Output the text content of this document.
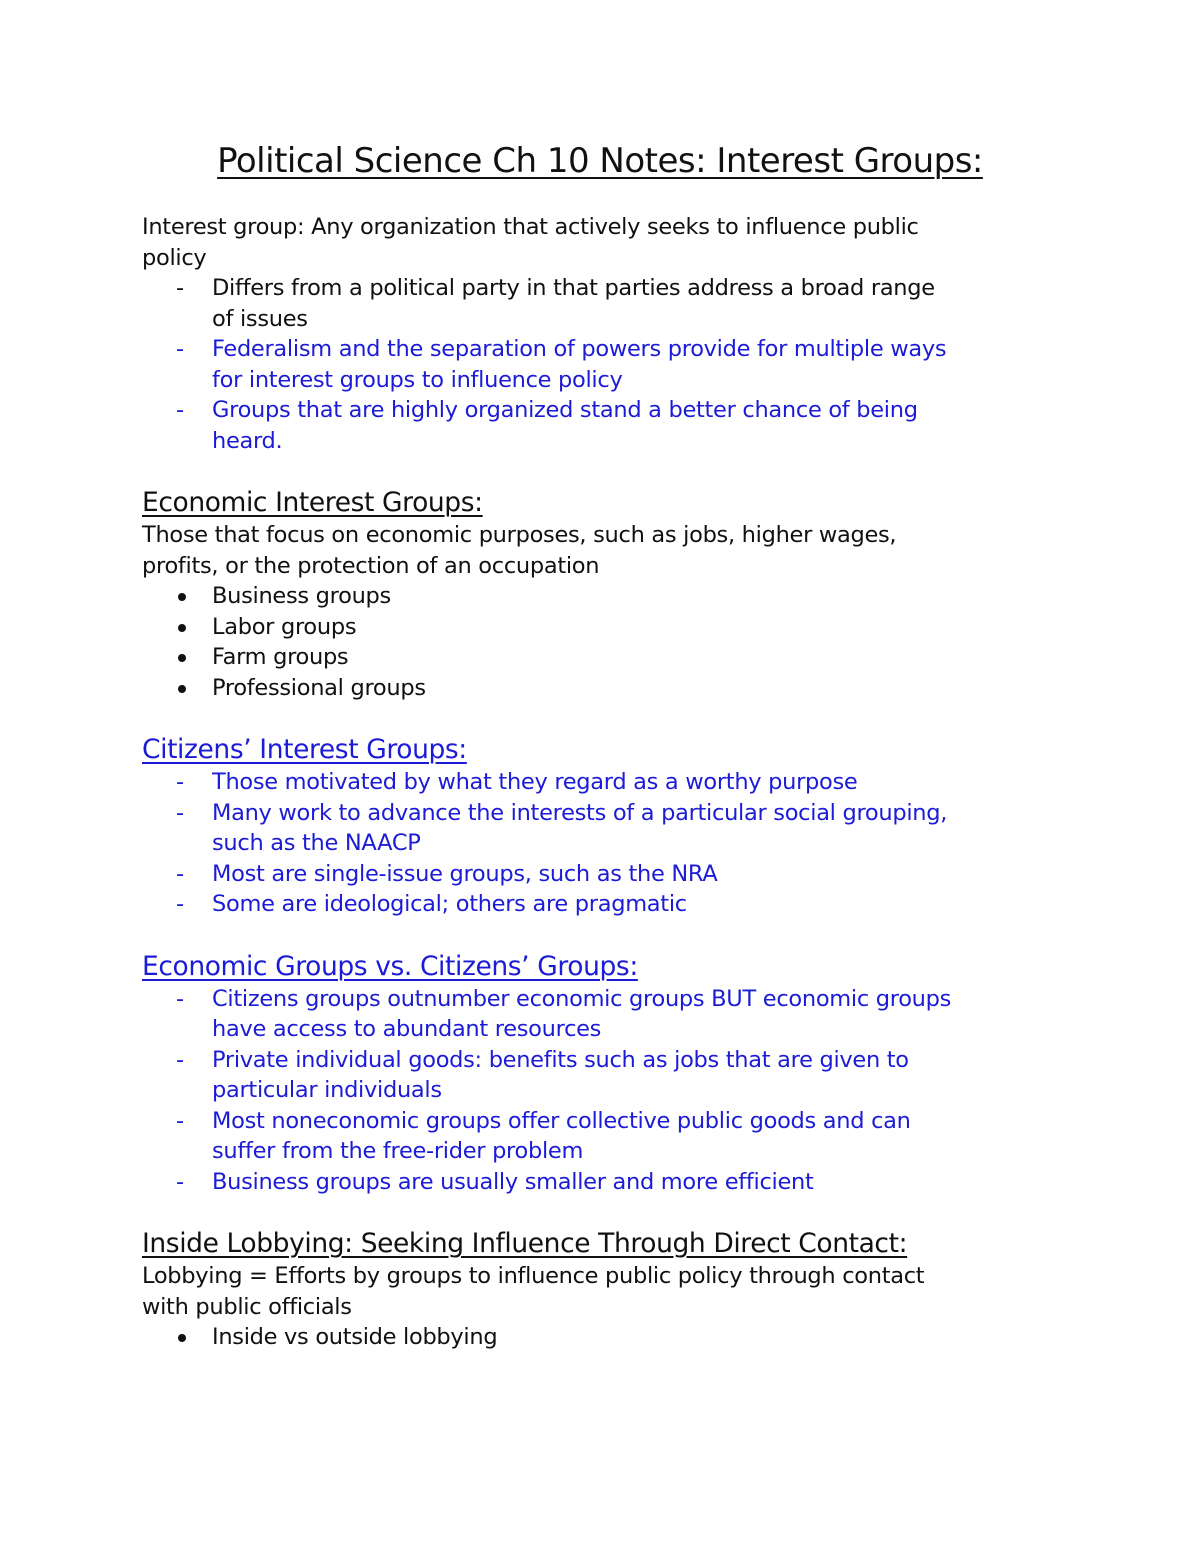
Political Science Ch 10 Notes: Interest Groups:
Interest group: Any organization that actively seeks to influence public
policy
- Differs from a political party in that parties address a broad range
of issues
- Federalism and the separation of powers provide for multiple ways
for interest groups to influence policy
- Groups that are highly organized stand a better chance of being
heard.
Economic Interest Groups:
Those that focus on economic purposes, such as jobs, higher wages,
profits, or the protection of an occupation
Business groups
Labor groups
Farm groups
Professional groups
Citizens’ Interest Groups:
- Those motivated by what they regard as a worthy purpose
- Many work to advance the interests of a particular social grouping,
such as the NAACP
- Most are single-issue groups, such as the NRA
- Some are ideological; others are pragmatic
Economic Groups vs. Citizens’ Groups:
- Citizens groups outnumber economic groups BUT economic groups
have access to abundant resources
- Private individual goods: benefits such as jobs that are given to
particular individuals
- Most noneconomic groups offer collective public goods and can
suffer from the free-rider problem
- Business groups are usually smaller and more efficient
Inside Lobbying: Seeking Influence Through Direct Contact:
Lobbying = Efforts by groups to influence public policy through contact
with public officials
Inside vs outside lobbying
